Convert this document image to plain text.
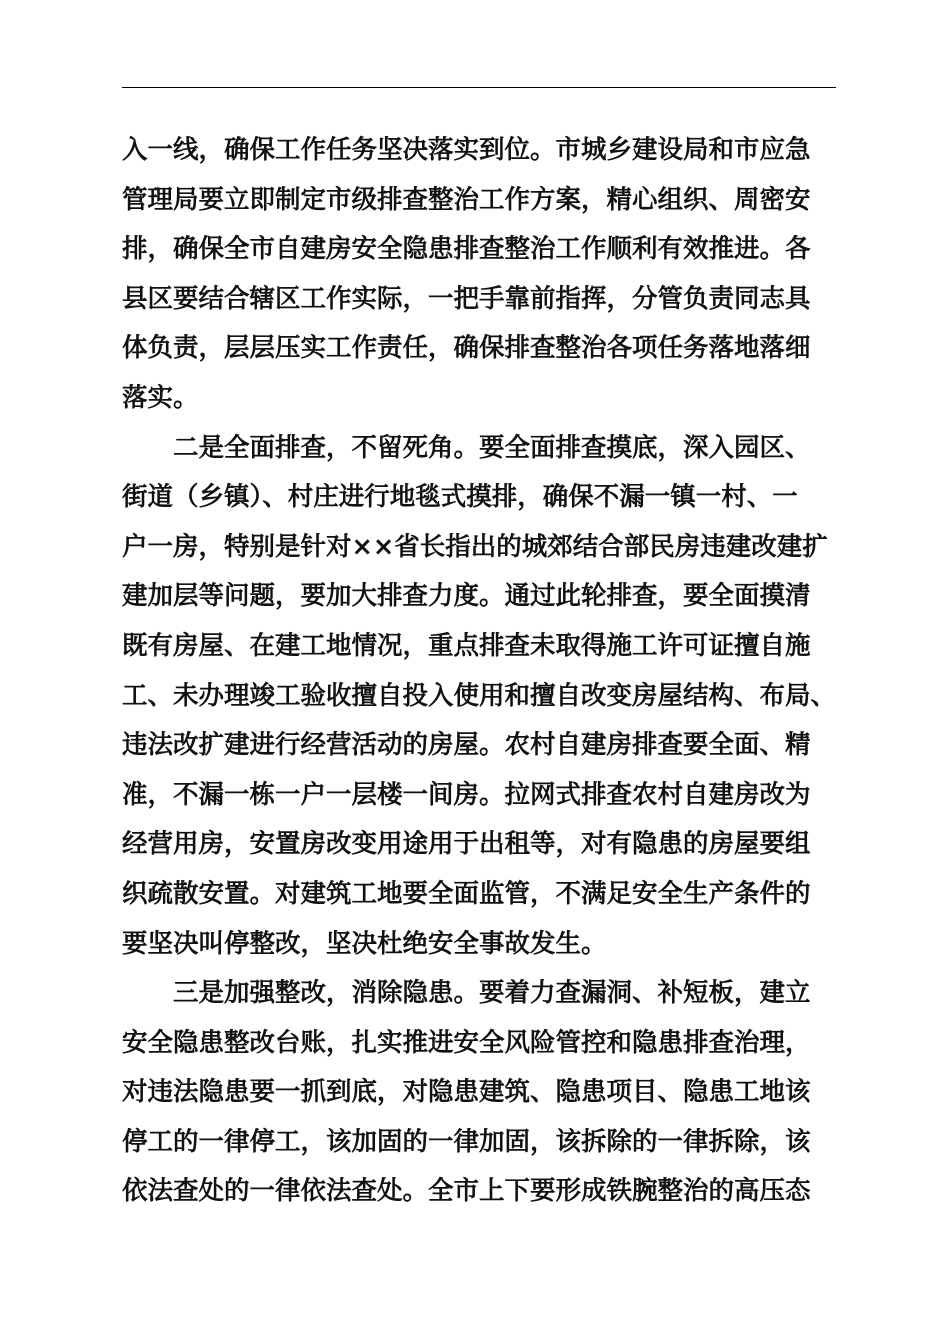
入一线，确保工作任务坚决落实到位。市城乡建设局和市应急
管理局要立即制定市级排查整治工作方案，精心组织、周密安
排，确保全市自建房安全隐患排查整治工作顺利有效推进。各
县区要结合辖区工作实际，一把手靠前指挥，分管负责同志具
体负责，层层压实工作责任，确保排查整治各项任务落地落细
落实。
二是全面排查，不留死角。要全面排查摸底，深入园区、
街道（乡镇）、村庄进行地毯式摸排，确保不漏一镇一村、一
户一房，特别是针对××省长指出的城郊结合部民房违建改建扩
建加层等问题，要加大排查力度。通过此轮排查，要全面摸清
既有房屋、在建工地情况，重点排查未取得施工许可证擅自施
工、未办理竣工验收擅自投入使用和擅自改变房屋结构、布局、
违法改扩建进行经营活动的房屋。农村自建房排查要全面、精
准，不漏一栋一户一层楼一间房。拉网式排查农村自建房改为
经营用房，安置房改变用途用于出租等，对有隐患的房屋要组
织疏散安置。对建筑工地要全面监管，不满足安全生产条件的
要坚决叫停整改，坚决杜绝安全事故发生。
三是加强整改，消除隐患。要着力查漏洞、补短板，建立
安全隐患整改台账，扎实推进安全风险管控和隐患排查治理，
对违法隐患要一抓到底，对隐患建筑、隐患项目、隐患工地该
停工的一律停工，该加固的一律加固，该拆除的一律拆除，该
依法查处的一律依法查处。全市上下要形成铁腕整治的高压态
